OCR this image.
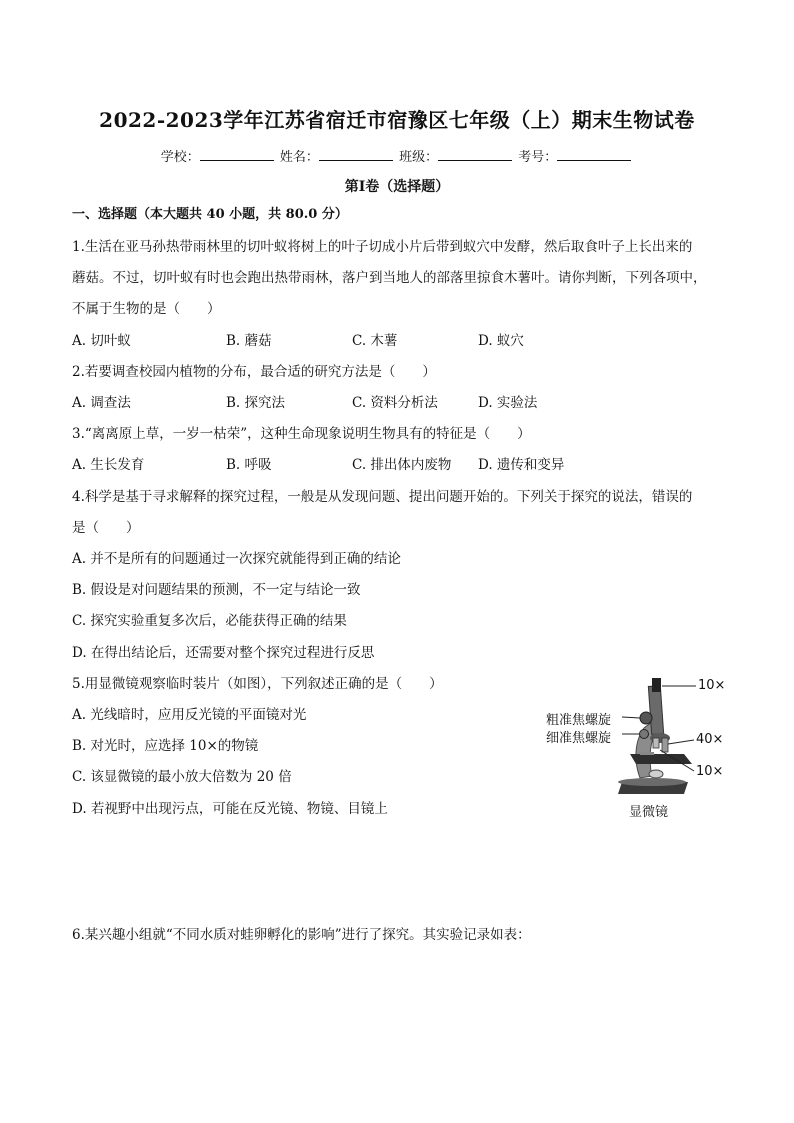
2022-2023学年江苏省宿迁市宿豫区七年级（上）期末生物试卷
学校：	姓名：	班级：	考号：
第I卷（选择题）
一、选择题（本大题共 40 小题，共 80.0 分）
1.生活在亚马孙热带雨林里的切叶蚁将树上的叶子切成小片后带到蚁穴中发酵，然后取食叶子上长出来的
蘑菇。不过，切叶蚁有时也会跑出热带雨林，落户到当地人的部落里掠食木薯叶。请你判断，下列各项中，
不属于生物的是（　　）
A. 切叶蚁	B. 蘑菇	C. 木薯	D. 蚁穴
2.若要调查校园内植物的分布，最合适的研究方法是（　　）
A. 调查法	B. 探究法	C. 资料分析法	D. 实验法
3.“离离原上草，一岁一枯荣”，这种生命现象说明生物具有的特征是（　　）
A. 生长发育	B. 呼吸	C. 排出体内废物 D. 遗传和变异
4.科学是基于寻求解释的探究过程，一般是从发现问题、提出问题开始的。下列关于探究的说法，错误的
是（　　）
A. 并不是所有的问题通过一次探究就能得到正确的结论
B. 假设是对问题结果的预测，不一定与结论一致
C. 探究实验重复多次后，必能获得正确的结果
D. 在得出结论后，还需要对整个探究过程进行反思
5.用显微镜观察临时装片（如图），下列叙述正确的是（　　）
A. 光线暗时，应用反光镜的平面镜对光
B. 对光时，应选择 10×的物镜
C. 该显微镜的最小放大倍数为 20 倍
D. 若视野中出现污点，可能在反光镜、物镜、目镜上
10×
粗准焦螺旋
细准焦螺旋	40×
10×
显微镜
6.某兴趣小组就“不同水质对蛙卵孵化的影响”进行了探究。其实验记录如表：
